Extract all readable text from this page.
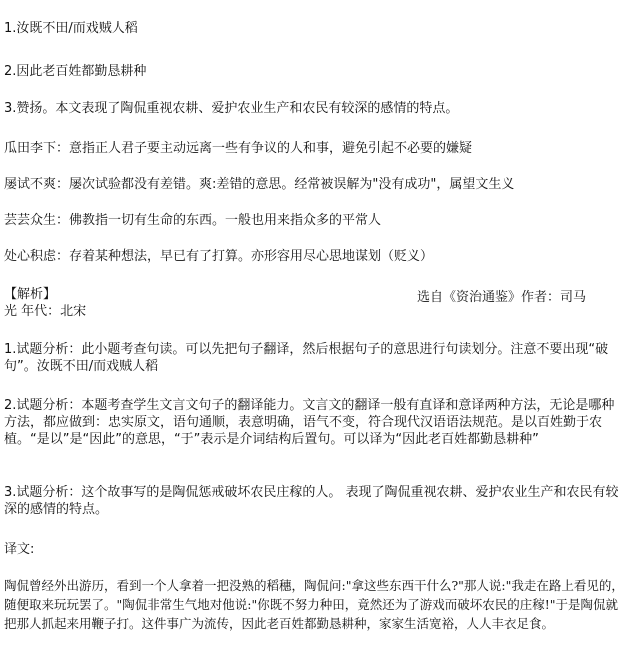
1.汝既不田/而戏贼人稻
2.因此老百姓都勤恳耕种
3.赞扬。本文表现了陶侃重视农耕、爱护农业生产和农民有较深的感情的特点。
瓜田李下：意指正人君子要主动远离一些有争议的人和事，避免引起不必要的嫌疑
屡试不爽：屡次试验都没有差错。爽:差错的意思。经常被误解为"没有成功"，属望文生义
芸芸众生：佛教指一切有生命的东西。一般也用来指众多的平常人
处心积虑：存着某种想法，早已有了打算。亦形容用尽心思地谋划（贬义）
【解析】	选自《资治通鉴》作者：司马
光 年代：北宋
1.试题分析：此小题考查句读。可以先把句子翻译，然后根据句子的意思进行句读划分。注意不要出现“破句”。汝既不田/而戏贼人稻
2.试题分析：本题考查学生文言文句子的翻译能力。文言文的翻译一般有直译和意译两种方法，无论是哪种方法，都应做到：忠实原文，语句通顺，表意明确，语气不变，符合现代汉语语法规范。是以百姓勤于农植。“是以”是“因此”的意思，“于”表示是介词结构后置句。可以译为“因此老百姓都勤恳耕种”
3.试题分析：这个故事写的是陶侃惩戒破坏农民庄稼的人。 表现了陶侃重视农耕、爱护农业生产和农民有较深的感情的特点。
译文:
陶侃曾经外出游历，看到一个人拿着一把没熟的稻穗，陶侃问:"拿这些东西干什么?"那人说:"我走在路上看见的，随便取来玩玩罢了。"陶侃非常生气地对他说:"你既不努力种田，竟然还为了游戏而破坏农民的庄稼!"于是陶侃就把那人抓起来用鞭子打。这件事广为流传，因此老百姓都勤恳耕种，家家生活宽裕，人人丰衣足食。
